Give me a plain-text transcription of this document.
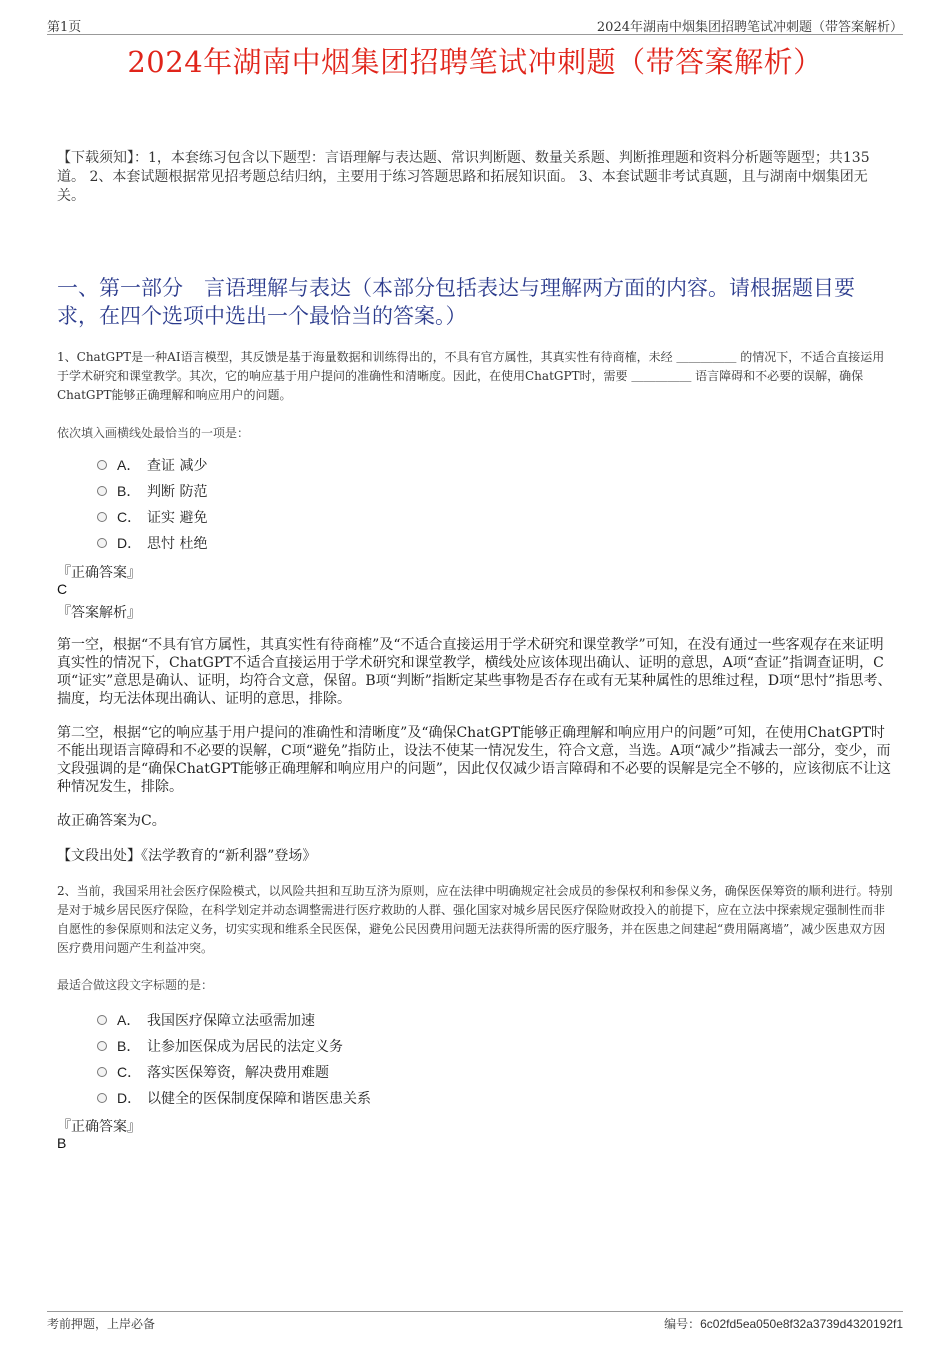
第1页	2024年湖南中烟集团招聘笔试冲刺题（带答案解析）
2024年湖南中烟集团招聘笔试冲刺题（带答案解析）
【下载须知】：1，本套练习包含以下题型：言语理解与表达题、常识判断题、数量关系题、判断推理题和资料分析题等题型；共135道。 2、本套试题根据常见招考题总结归纳，主要用于练习答题思路和拓展知识面。 3、本套试题非考试真题，且与湖南中烟集团无关。
一、第一部分　言语理解与表达（本部分包括表达与理解两方面的内容。请根据题目要求，在四个选项中选出一个最恰当的答案。）
1、ChatGPT是一种AI语言模型，其反馈是基于海量数据和训练得出的，不具有官方属性，其真实性有待商榷，未经 ＿＿＿＿＿ 的情况下，不适合直接运用于学术研究和课堂教学。其次，它的响应基于用户提问的准确性和清晰度。因此，在使用ChatGPT时，需要 ＿＿＿＿＿ 语言障碍和不必要的误解，确保ChatGPT能够正确理解和响应用户的问题。
依次填入画横线处最恰当的一项是：
A． 查证 减少
B． 判断 防范
C． 证实 避免
D． 思忖 杜绝
『正确答案』
C
『答案解析』
第一空，根据“不具有官方属性，其真实性有待商榷”及“不适合直接运用于学术研究和课堂教学”可知，在没有通过一些客观存在来证明真实性的情况下，ChatGPT不适合直接运用于学术研究和课堂教学，横线处应该体现出确认、证明的意思，A项“查证”指调查证明，C项“证实”意思是确认、证明，均符合文意，保留。B项“判断”指断定某些事物是否存在或有无某种属性的思维过程，D项“思忖”指思考、揣度，均无法体现出确认、证明的意思，排除。
第二空，根据“它的响应基于用户提问的准确性和清晰度”及“确保ChatGPT能够正确理解和响应用户的问题”可知，在使用ChatGPT时不能出现语言障碍和不必要的误解，C项“避免”指防止，设法不使某一情况发生，符合文意，当选。A项“减少”指减去一部分，变少，而文段强调的是“确保ChatGPT能够正确理解和响应用户的问题”，因此仅仅减少语言障碍和不必要的误解是完全不够的，应该彻底不让这种情况发生，排除。
故正确答案为C。
【文段出处】《法学教育的“新利器”登场》
2、当前，我国采用社会医疗保险模式，以风险共担和互助互济为原则，应在法律中明确规定社会成员的参保权利和参保义务，确保医保筹资的顺利进行。特别是对于城乡居民医疗保险，在科学划定并动态调整需进行医疗救助的人群、强化国家对城乡居民医疗保险财政投入的前提下，应在立法中探索规定强制性而非自愿性的参保原则和法定义务，切实实现和维系全民医保，避免公民因费用问题无法获得所需的医疗服务，并在医患之间建起“费用隔离墙”，减少医患双方因医疗费用问题产生利益冲突。
最适合做这段文字标题的是：
A． 我国医疗保障立法亟需加速
B． 让参加医保成为居民的法定义务
C． 落实医保筹资，解决费用难题
D． 以健全的医保制度保障和谐医患关系
『正确答案』
B
考前押题，上岸必备	编号：6c02fd5ea050e8f32a3739d4320192f1
